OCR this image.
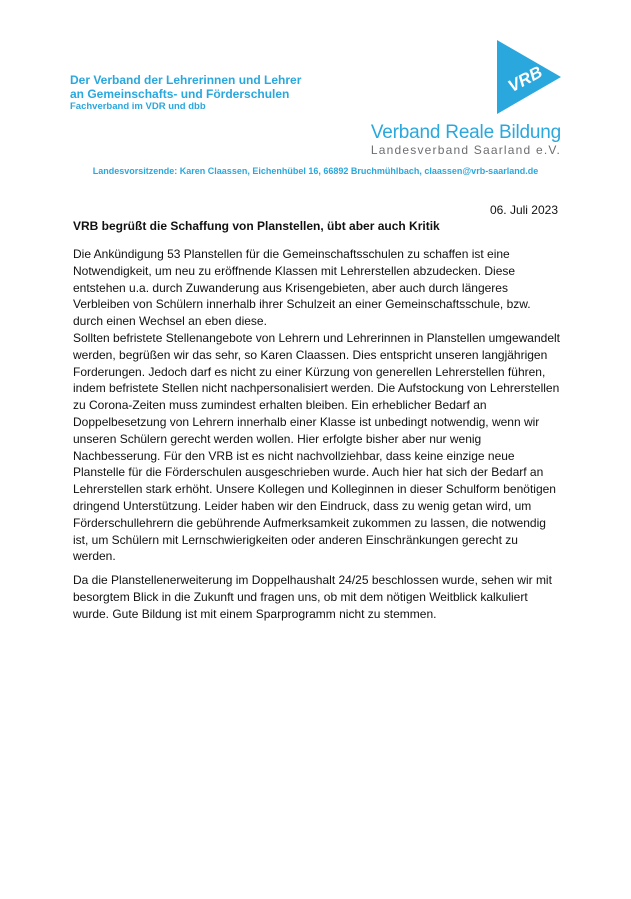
Der Verband der Lehrerinnen und Lehrer

an Gemeinschafts- und Förderschulen

Fachverband im VDR und dbb

VRB

Verband Reale Bildung

Landesverband Saarland e.V.

Landesvorsitzende: Karen Claassen, Eichenhübel 16, 66892 Bruchmühlbach, claassen@vrb-saarland.de

06. Juli 2023

VRB begrüßt die Schaffung von Planstellen, übt aber auch Kritik

Die Ankündigung 53 Planstellen für die Gemeinschaftsschulen zu schaffen ist eine Notwendigkeit, um neu zu eröffnende Klassen mit Lehrerstellen abzudecken. Diese entstehen u.a. durch Zuwanderung aus Krisengebieten, aber auch durch längeres Verbleiben von Schülern innerhalb ihrer Schulzeit an einer Gemeinschaftsschule, bzw. durch einen Wechsel an eben diese.

Sollten befristete Stellenangebote von Lehrern und Lehrerinnen in Planstellen umgewandelt werden, begrüßen wir das sehr, so Karen Claassen. Dies entspricht unseren langjährigen Forderungen. Jedoch darf es nicht zu einer Kürzung von generellen Lehrerstellen führen, indem befristete Stellen nicht nachpersonalisiert werden. Die Aufstockung von Lehrerstellen zu Corona-Zeiten muss zumindest erhalten bleiben. Ein erheblicher Bedarf an Doppelbesetzung von Lehrern innerhalb einer Klasse ist unbedingt notwendig, wenn wir unseren Schülern gerecht werden wollen. Hier erfolgte bisher aber nur wenig Nachbesserung. Für den VRB ist es nicht nachvollziehbar, dass keine einzige neue Planstelle für die Förderschulen ausgeschrieben wurde. Auch hier hat sich der Bedarf an Lehrerstellen stark erhöht. Unsere Kollegen und Kolleginnen in dieser Schulform benötigen dringend Unterstützung. Leider haben wir den Eindruck, dass zu wenig getan wird, um Förderschullehrern die gebührende Aufmerksamkeit zukommen zu lassen, die notwendig ist, um Schülern mit Lernschwierigkeiten oder anderen Einschränkungen gerecht zu werden.

Da die Planstellenerweiterung im Doppelhaushalt 24/25 beschlossen wurde, sehen wir mit besorgtem Blick in die Zukunft und fragen uns, ob mit dem nötigen Weitblick kalkuliert wurde. Gute Bildung ist mit einem Sparprogramm nicht zu stemmen.
